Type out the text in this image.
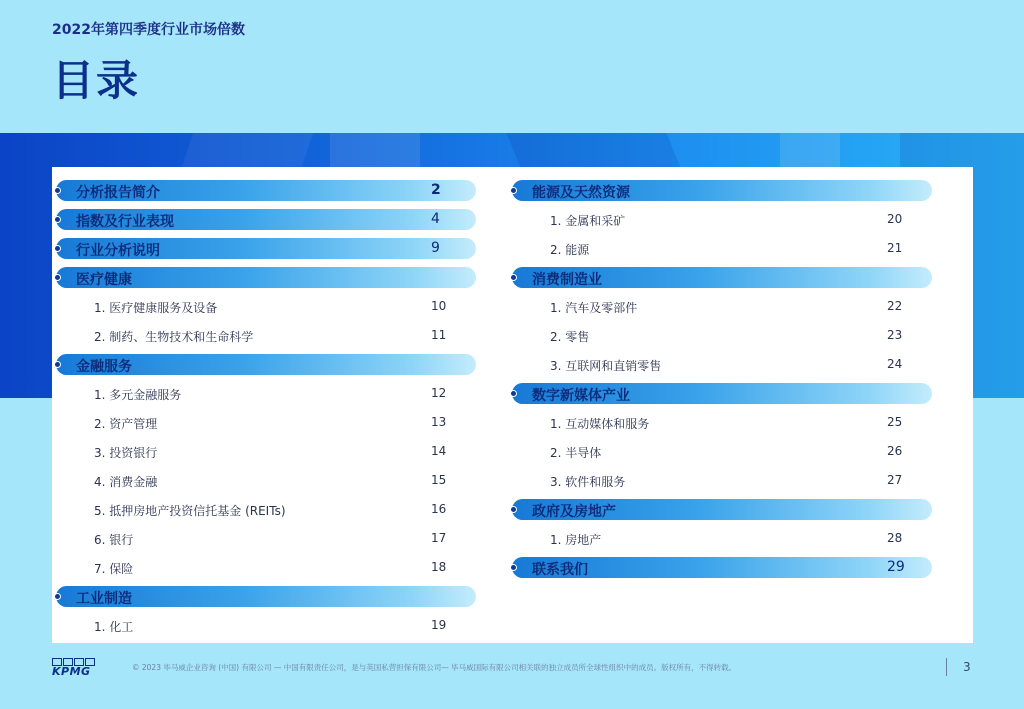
2022年第四季度行业市场倍数
目录
分析报告简介	2
指数及行业表现	4
行业分析说明	9
医疗健康
1. 医疗健康服务及设备	10
2. 制药、生物技术和生命科学	11
金融服务
1. 多元金融服务	12
2. 资产管理	13
3. 投资银行	14
4. 消费金融	15
5. 抵押房地产投资信托基金 (REITs)	16
6. 银行	17
7. 保险	18
工业制造
1. 化工	19
能源及天然资源
1. 金属和采矿	20
2. 能源	21
消费制造业
1. 汽车及零部件	22
2. 零售	23
3. 互联网和直销零售	24
数字新媒体产业
1. 互动媒体和服务	25
2. 半导体	26
3. 软件和服务	27
政府及房地产
1. 房地产	28
联系我们	29
KPMG	© 2023 毕马威企业咨询 (中国) 有限公司 — 中国有限责任公司，是与英国私营担保有限公司— 毕马威国际有限公司相关联的独立成员所全球性组织中的成员。版权所有，不得转载。	3
